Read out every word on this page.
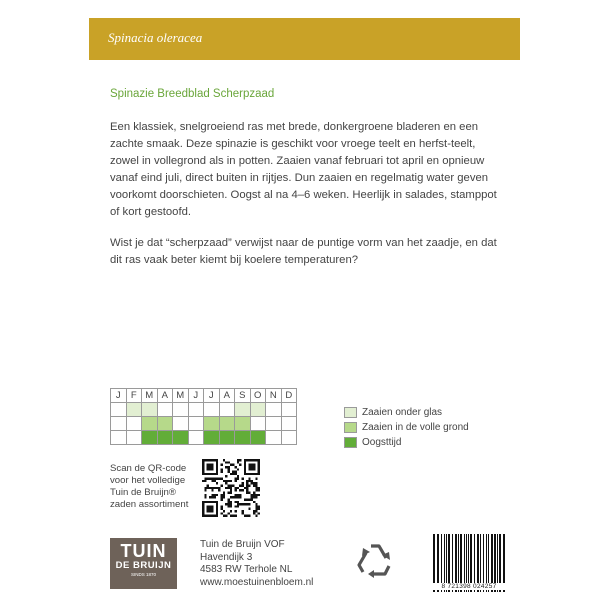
Spinacia oleracea
Spinazie Breedblad Scherpzaad

Een klassiek, snelgroeiend ras met brede, donkergroene bladeren en een zachte smaak. Deze spinazie is geschikt voor vroege teelt en herfst-teelt, zowel in vollegrond als in potten. Zaaien vanaf februari tot april en opnieuw vanaf eind juli, direct buiten in rijtjes. Dun zaaien en regelmatig water geven voorkomt doorschieten. Oogst al na 4–6 weken. Heerlijk in salades, stamppot of kort gestoofd.

Wist je dat “scherpzaad” verwijst naar de puntige vorm van het zaadje, en dat dit ras vaak beter kiemt bij koelere temperaturen?

J	F	M	A	M	J	J	A	S	O	N	D

Zaaien onder glas
Zaaien in de volle grond
Oogsttijd
Scan de QR-code
voor het volledige
Tuin de Bruijn®
zaden assortiment
TUIN
DE BRUIJN
SINDS 1870
Tuin de Bruijn VOF
Havendijk 3
4583 RW Terhole NL
www.moestuinenbloem.nl	8 721398 024257
